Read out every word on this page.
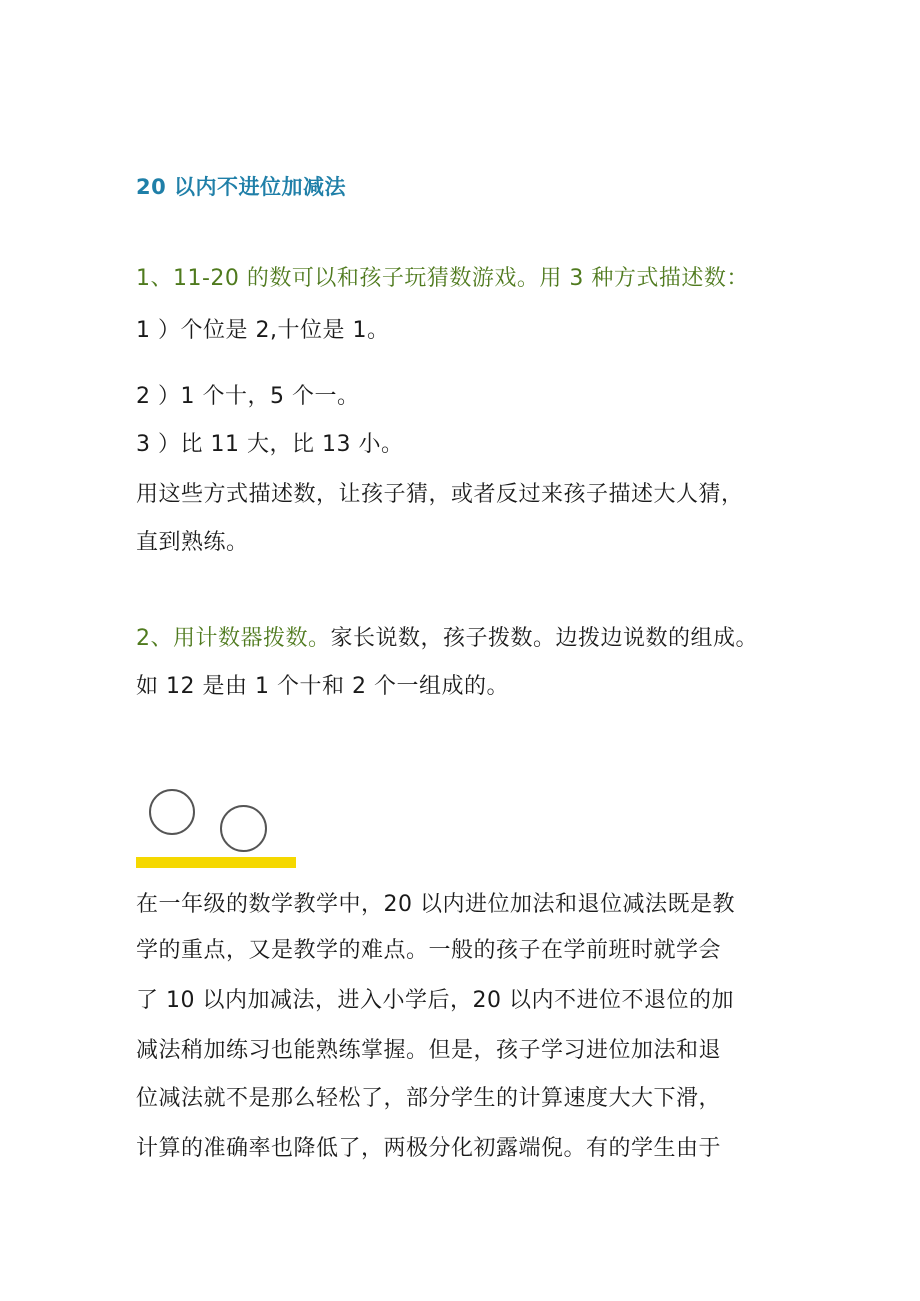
20 以内不进位加减法
1、11-20 的数可以和孩子玩猜数游戏。用 3 种方式描述数：
1 ）个位是 2,十位是 1。
2 ）1 个十，5 个一。
3 ）比 11 大，比 13 小。
用这些方式描述数，让孩子猜，或者反过来孩子描述大人猜，
直到熟练。
2、用计数器拨数。家长说数，孩子拨数。边拨边说数的组成。
如 12 是由 1 个十和 2 个一组成的。
在一年级的数学教学中，20 以内进位加法和退位减法既是教
学的重点，又是教学的难点。一般的孩子在学前班时就学会
了 10 以内加减法，进入小学后，20 以内不进位不退位的加
减法稍加练习也能熟练掌握。但是，孩子学习进位加法和退
位减法就不是那么轻松了，部分学生的计算速度大大下滑，
计算的准确率也降低了，两极分化初露端倪。有的学生由于
